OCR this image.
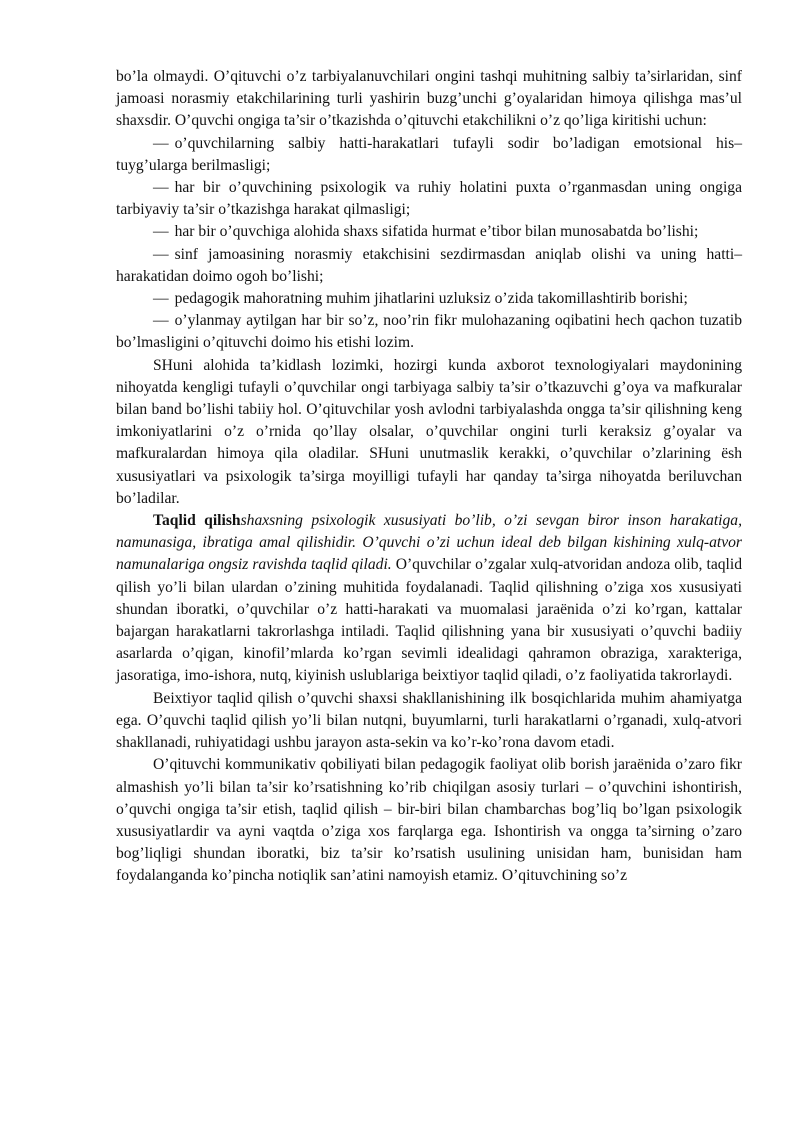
bo’la olmaydi. O’qituvchi o’z tarbiyalanuvchilari ongini tashqi muhitning salbiy ta’sirlaridan, sinf jamoasi norasmiy etakchilarining turli yashirin buzg’unchi g’oyalaridan himoya qilishga mas’ul shaxsdir. O’quvchi ongiga ta’sir o’tkazishda o’qituvchi etakchilikni o’z qo’liga kiritishi uchun:

— o’quvchilarning salbiy hatti-harakatlari tufayli sodir bo’ladigan emotsional his–tuyg’ularga berilmasligi;

— har bir o’quvchining psixologik va ruhiy holatini puxta o’rganmasdan uning ongiga tarbiyaviy ta’sir o’tkazishga harakat qilmasligi;

— har bir o’quvchiga alohida shaxs sifatida hurmat e’tibor bilan munosabatda bo’lishi;

— sinf jamoasining norasmiy etakchisini sezdirmasdan aniqlab olishi va uning hatti–harakatidan doimo ogoh bo’lishi;

— pedagogik mahoratning muhim jihatlarini uzluksiz o’zida takomillashtirib borishi;

— o’ylanmay aytilgan har bir so’z, noo’rin fikr mulohazaning oqibatini hech qachon tuzatib bo’lmasligini o’qituvchi doimo his etishi lozim.

SHuni alohida ta’kidlash lozimki, hozirgi kunda axborot texnologiyalari maydonining nihoyatda kengligi tufayli o’quvchilar ongi tarbiyaga salbiy ta’sir o’tkazuvchi g’oya va mafkuralar bilan band bo’lishi tabiiy hol. O’qituvchilar yosh avlodni tarbiyalashda ongga ta’sir qilishning keng imkoniyatlarini o’z o’rnida qo’llay olsalar, o’quvchilar ongini turli keraksiz g’oyalar va mafkuralardan himoya qila oladilar. SHuni unutmaslik kerakki, o’quvchilar o’zlarining ёsh xususiyatlari va psixologik ta’sirga moyilligi tufayli har qanday ta’sirga nihoyatda beriluvchan bo’ladilar.

Taqlid qilishshaxsning psixologik xususiyati bo’lib, o’zi sevgan biror inson harakatiga, namunasiga, ibratiga amal qilishidir. O’quvchi o’zi uchun ideal deb bilgan kishining xulq-atvor namunalariga ongsiz ravishda taqlid qiladi. O’quvchilar o’zgalar xulq-atvoridan andoza olib, taqlid qilish yo’li bilan ulardan o’zining muhitida foydalanadi. Taqlid qilishning o’ziga xos xususiyati shundan iboratki, o’quvchilar o’z hatti-harakati va muomalasi jaraёnida o’zi ko’rgan, kattalar bajargan harakatlarni takrorlashga intiladi. Taqlid qilishning yana bir xususiyati o’quvchi badiiy asarlarda o’qigan, kinofil’mlarda ko’rgan sevimli idealidagi qahramon obraziga, xarakteriga, jasoratiga, imo-ishora, nutq, kiyinish uslublariga beixtiyor taqlid qiladi, o’z faoliyatida takrorlaydi.

Beixtiyor taqlid qilish o’quvchi shaxsi shakllanishining ilk bosqichlarida muhim ahamiyatga ega. O’quvchi taqlid qilish yo’li bilan nutqni, buyumlarni, turli harakatlarni o’rganadi, xulq-atvori shakllanadi, ruhiyatidagi ushbu jarayon asta-sekin va ko’r-ko’rona davom etadi.

O’qituvchi kommunikativ qobiliyati bilan pedagogik faoliyat olib borish jaraёnida o’zaro fikr almashish yo’li bilan ta’sir ko’rsatishning ko’rib chiqilgan asosiy turlari – o’quvchini ishontirish, o’quvchi ongiga ta’sir etish, taqlid qilish – bir-biri bilan chambarchas bog’liq bo’lgan psixologik xususiyatlardir va ayni vaqtda o’ziga xos farqlarga ega. Ishontirish va ongga ta’sirning o’zaro bog’liqligi shundan iboratki, biz ta’sir ko’rsatish usulining unisidan ham, bunisidan ham foydalanganda ko’pincha notiqlik san’atini namoyish etamiz. O’qituvchining so’z
